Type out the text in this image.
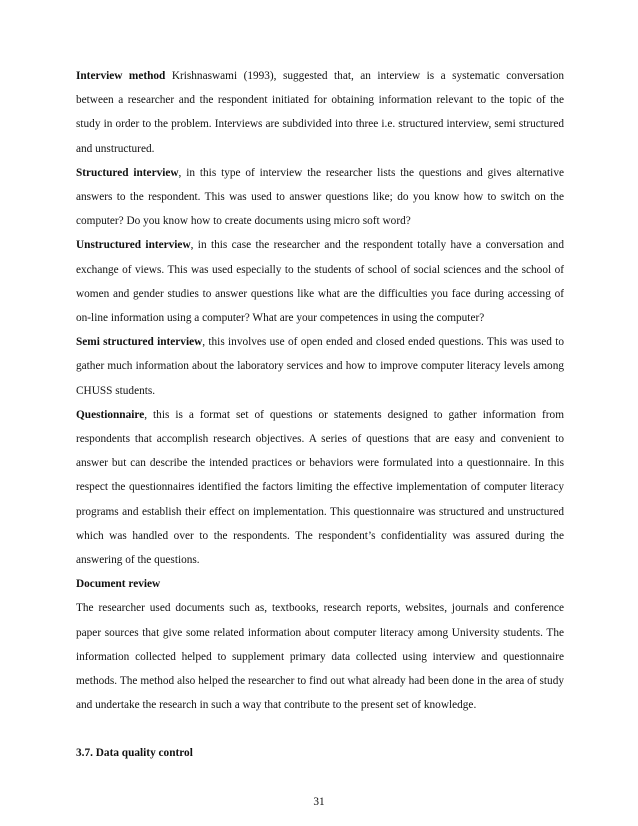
Interview method Krishnaswami (1993), suggested that, an interview is a systematic conversation between a researcher and the respondent initiated for obtaining information relevant to the topic of the study in order to the problem. Interviews are subdivided into three i.e. structured interview, semi structured and unstructured.

Structured interview, in this type of interview the researcher lists the questions and gives alternative answers to the respondent. This was used to answer questions like; do you know how to switch on the computer? Do you know how to create documents using micro soft word?

Unstructured interview, in this case the researcher and the respondent totally have a conversation and exchange of views. This was used especially to the students of school of social sciences and the school of women and gender studies to answer questions like what are the difficulties you face during accessing of on-line information using a computer? What are your competences in using the computer?

Semi structured interview, this involves use of open ended and closed ended questions. This was used to gather much information about the laboratory services and how to improve computer literacy levels among CHUSS students.

Questionnaire, this is a format set of questions or statements designed to gather information from respondents that accomplish research objectives. A series of questions that are easy and convenient to answer but can describe the intended practices or behaviors were formulated into a questionnaire. In this respect the questionnaires identified the factors limiting the effective implementation of computer literacy programs and establish their effect on implementation. This questionnaire was structured and unstructured which was handled over to the respondents. The respondent’s confidentiality was assured during the answering of the questions.

Document review

The researcher used documents such as, textbooks, research reports, websites, journals and conference paper sources that give some related information about computer literacy among University students. The information collected helped to supplement primary data collected using interview and questionnaire methods. The method also helped the researcher to find out what already had been done in the area of study and undertake the research in such a way that contribute to the present set of knowledge.

3.7. Data quality control

31
